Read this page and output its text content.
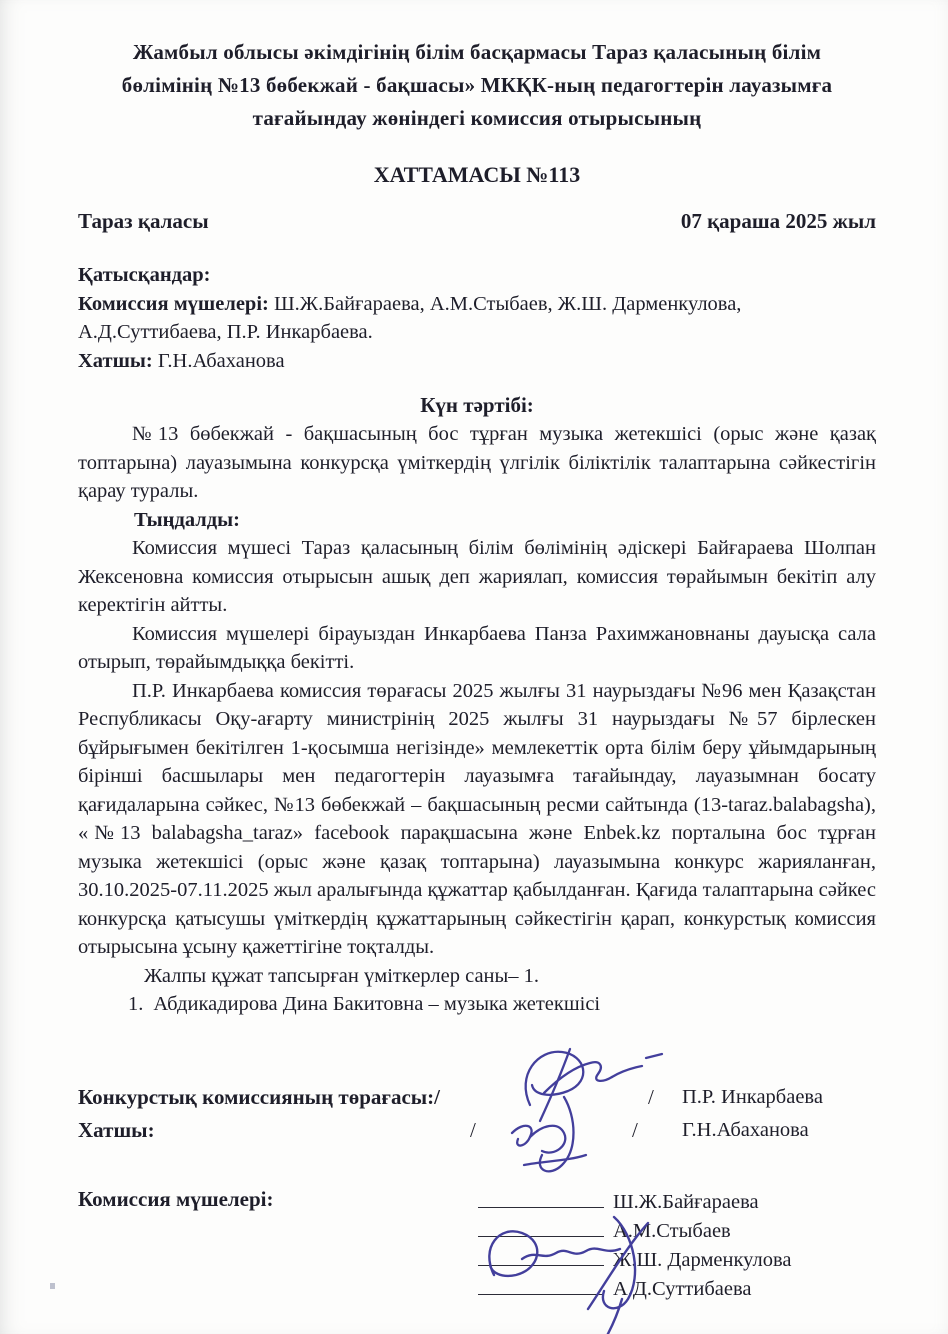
Жамбыл облысы әкімдігінің білім басқармасы Тараз қаласының білім
бөлімінің №13 бөбекжай - бақшасы» МКҚК-ның педагогтерін лауазымға
тағайындау жөніндегі комиссия отырысының
ХАТТАМАСЫ №113
Тараз қаласы	07 қараша 2025 жыл
Қатысқандар:
Комиссия мүшелері: Ш.Ж.Байғараева, А.М.Стыбаев, Ж.Ш. Дарменкулова, А.Д.Суттибаева, П.Р. Инкарбаева.
Хатшы: Г.Н.Абаханова
Күн тәртібі:

№13 бөбекжай - бақшасының бос тұрған музыка жетекшісі (орыс және қазақ топтарына) лауазымына конкурсқа үміткердің үлгілік біліктілік талаптарына сәйкестігін қарау туралы.

Тыңдалды:

Комиссия мүшесі Тараз қаласының білім бөлімінің әдіскері Байғараева Шолпан Жексеновна комиссия отырысын ашық деп жариялап, комиссия төрайымын бекітіп алу керектігін айтты.

Комиссия мүшелері бірауыздан Инкарбаева Панза Рахимжановнаны дауысқа сала отырып, төрайымдыққа бекітті.

П.Р. Инкарбаева комиссия төрағасы 2025 жылғы 31 наурыздағы №96 мен Қазақстан Республикасы Оқу-ағарту министрінің 2025 жылғы 31 наурыздағы №57 бірлескен бұйрығымен бекітілген 1-қосымша негізінде» мемлекеттік орта білім беру ұйымдарының бірінші басшылары мен педагогтерін лауазымға тағайындау, лауазымнан босату қағидаларына сәйкес, №13 бөбекжай – бақшасының ресми сайтында (13-taraz.balabagsha), «№13 balabagsha_taraz» facebook парақшасына және Enbek.kz порталына бос тұрған музыка жетекшісі (орыс және қазақ топтарына) лауазымына конкурс жарияланған, 30.10.2025-07.11.2025 жыл аралығында құжаттар қабылданған. Қағида талаптарына сәйкес конкурсқа қатысушы үміткердің құжаттарының сәйкестігін қарап, конкурстық комиссия отырысына ұсыну қажеттігіне тоқталды.

Жалпы құжат тапсырған үміткерлер саны– 1.
1. Абдикадирова Дина Бакитовна – музыка жетекшісі
Конкурстық комиссияның төрағасы:/	/ П.Р. Инкарбаева
Хатшы:	/	/ Г.Н.Абаханова
Комиссия мүшелері:	Ш.Ж.Байғараева
А.М.Стыбаев
Ж.Ш. Дарменкулова
А.Д.Суттибаева
